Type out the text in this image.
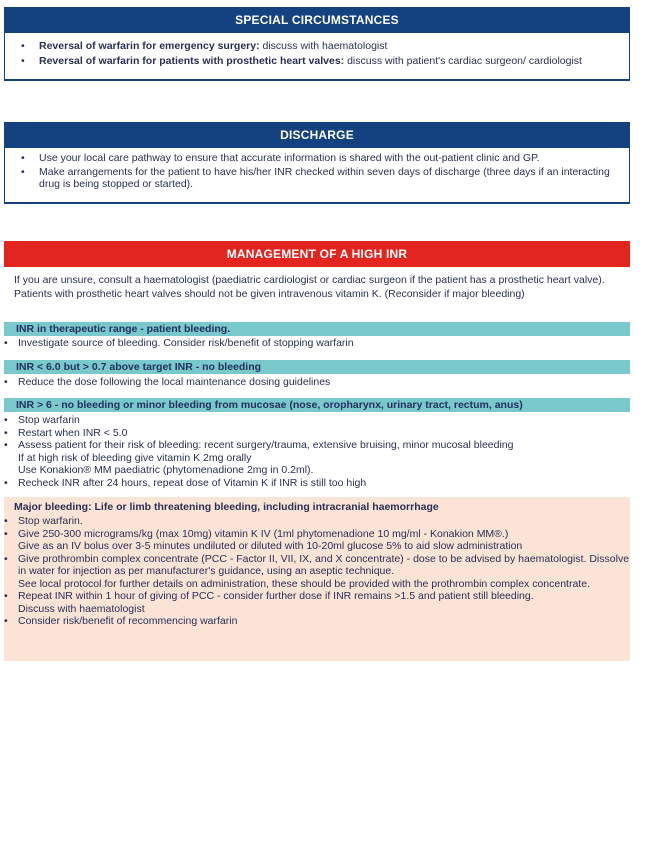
SPECIAL CIRCUMSTANCES
• Reversal of warfarin for emergency surgery: discuss with haematologist
• Reversal of warfarin for patients with prosthetic heart valves: discuss with patient's cardiac surgeon/ cardiologist
DISCHARGE
• Use your local care pathway to ensure that accurate information is shared with the out-patient clinic and GP.
• Make arrangements for the patient to have his/her INR checked within seven days of discharge (three days if an interacting drug is being stopped or started).
MANAGEMENT OF A HIGH INR
If you are unsure, consult a haematologist (paediatric cardiologist or cardiac surgeon if the patient has a prosthetic heart valve). Patients with prosthetic heart valves should not be given intravenous vitamin K. (Reconsider if major bleeding)
INR in therapeutic range - patient bleeding.
• Investigate source of bleeding. Consider risk/benefit of stopping warfarin
INR < 6.0 but > 0.7 above target INR - no bleeding
• Reduce the dose following the local maintenance dosing guidelines
INR > 6 - no bleeding or minor bleeding from mucosae (nose, oropharynx, urinary tract, rectum, anus)
• Stop warfarin
• Restart when INR < 5.0
• Assess patient for their risk of bleeding: recent surgery/trauma, extensive bruising, minor mucosal bleeding
If at high risk of bleeding give vitamin K 2mg orally
Use Konakion® MM paediatric (phytomenadione 2mg in 0.2ml).
• Recheck INR after 24 hours, repeat dose of Vitamin K if INR is still too high
Major bleeding: Life or limb threatening bleeding, including intracranial haemorrhage
• Stop warfarin.
• Give 250-300 micrograms/kg (max 10mg) vitamin K IV (1ml phytomenadione 10 mg/ml - Konakion MM®.)
Give as an IV bolus over 3-5 minutes undiluted or diluted with 10-20ml glucose 5% to aid slow administration
• Give prothrombin complex concentrate (PCC - Factor II, VII, IX, and X concentrate) - dose to be advised by haematologist. Dissolve in water for injection as per manufacturer's guidance, using an aseptic technique.
See local protocol for further details on administration, these should be provided with the prothrombin complex concentrate.
• Repeat INR within 1 hour of giving of PCC - consider further dose if INR remains >1.5 and patient still bleeding.
Discuss with haematologist
• Consider risk/benefit of recommencing warfarin
